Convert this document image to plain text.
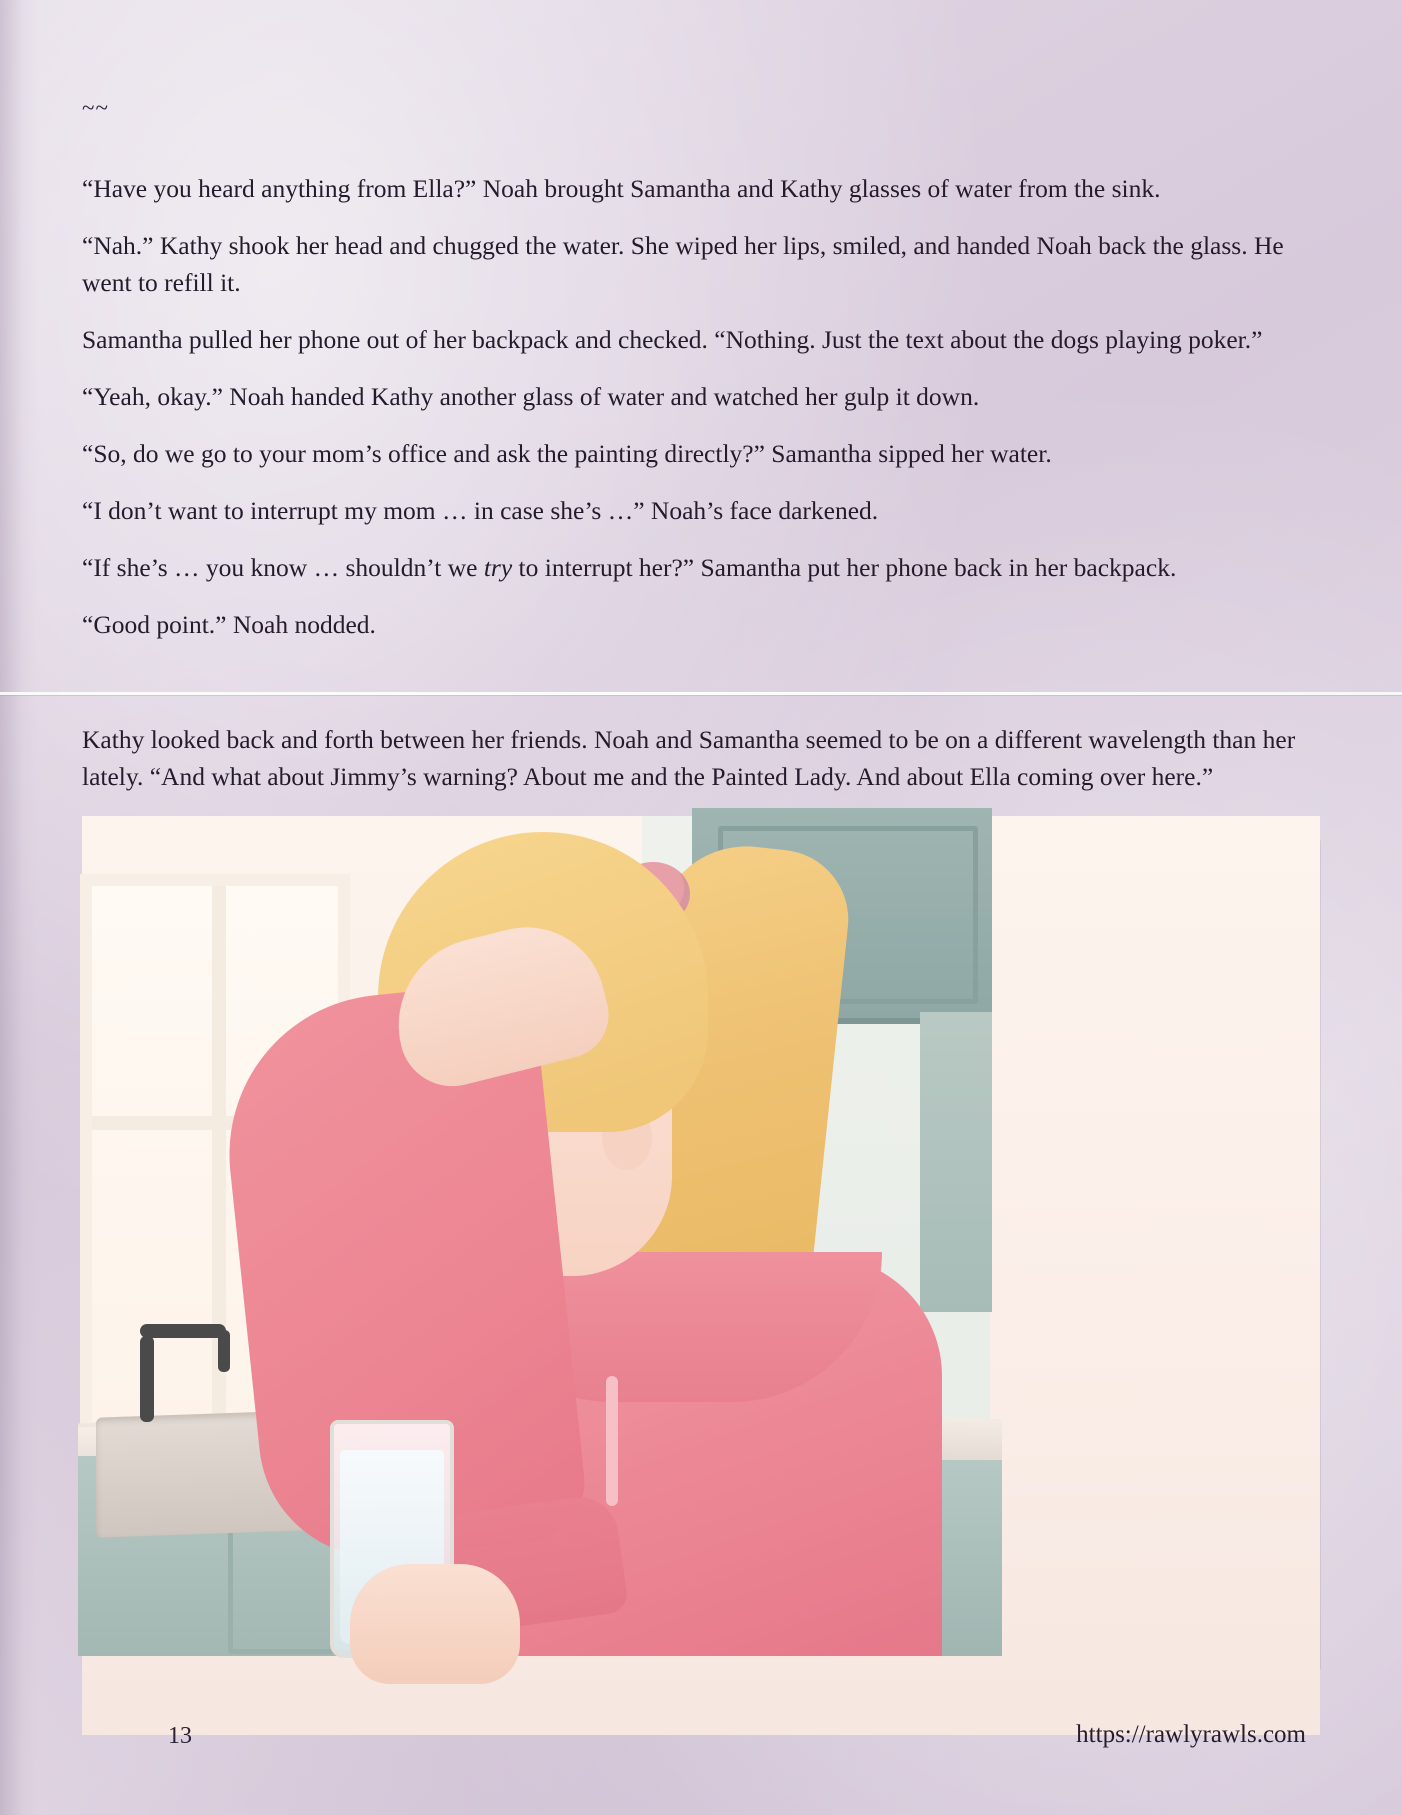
~~

“Have you heard anything from Ella?” Noah brought Samantha and Kathy glasses of water from the sink.

“Nah.” Kathy shook her head and chugged the water. She wiped her lips, smiled, and handed Noah back the glass. He went to refill it.

Samantha pulled her phone out of her backpack and checked. “Nothing. Just the text about the dogs playing poker.”

“Yeah, okay.” Noah handed Kathy another glass of water and watched her gulp it down.

“So, do we go to your mom’s office and ask the painting directly?” Samantha sipped her water.

“I don’t want to interrupt my mom … in case she’s …” Noah’s face darkened.

“If she’s … you know … shouldn’t we try to interrupt her?” Samantha put her phone back in her backpack.

“Good point.” Noah nodded.

Kathy looked back and forth between her friends. Noah and Samantha seemed to be on a different wavelength than her lately. “And what about Jimmy’s warning? About me and the Painted Lady. And about Ella coming over here.”

13	https://rawlyrawls.com
